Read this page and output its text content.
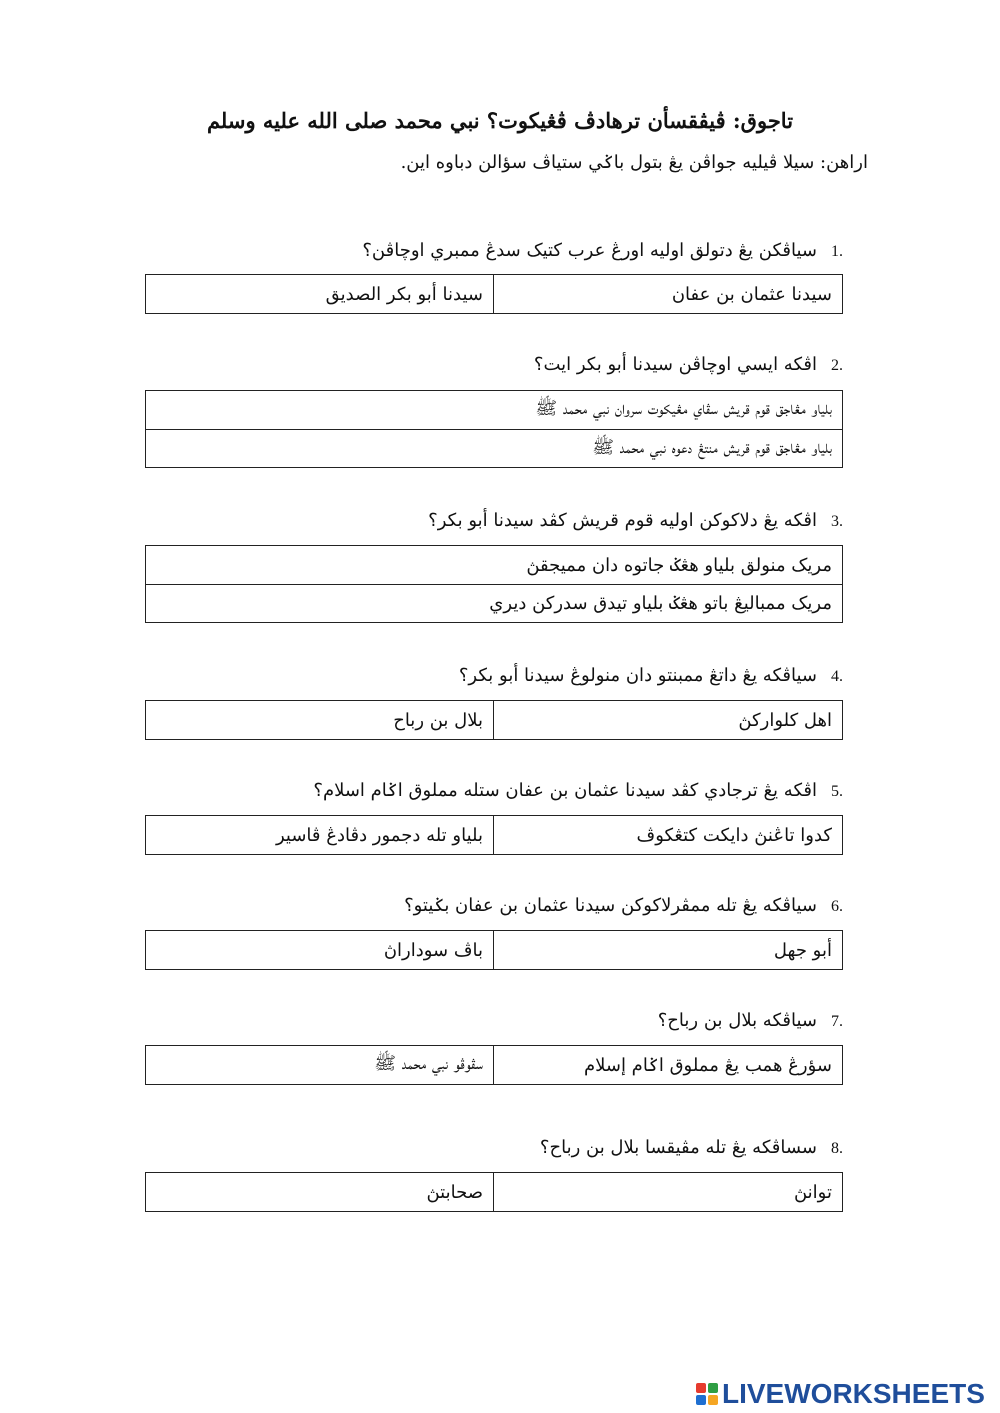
تاجوق: ڤيڤقسأن ترهادڤ ڤڠيكوت؟ نبي محمد صلى الله عليه وسلم
اراهن: سيلا ڤيليه جواڤن يڠ بتول باݢي ستياڤ سؤالن دباوه اين.
1.
سياڤكن يڠ دتولق اوليه اورڠ عرب كتيک سدڠ ممبري اوچاڤن؟
سيدنا عثمان بن عفان
سيدنا أبو بكر الصديق
2.
اڤكه ايسي اوچاڤن سيدنا أبو بكر ايت؟
بلياو مڠاجق قوم قريش سڤاي مڠيكوت سروان نبي محمد ﷺ
بلياو مڠاجق قوم قريش منتڠ دعوه نبي محمد ﷺ
3.
اڤكه يڠ دلاكوكن اوليه قوم قريش كڤد سيدنا أبو بكر؟
مريک منولق بلياو هڠݢ جاتوه دان مميجقڽ
مريک ممباليڠ باتو هڠݢ بلياو تيدق سدركن ديري
4.
سياڤكه يڠ داتڠ ممبنتو دان منولوڠ سيدنا أبو بكر؟
اهل كلواركڽ
بلال بن رباح
5.
اڤكه يڠ ترجادي كڤد سيدنا عثمان بن عفان ستله مملوق اݢام اسلام؟
كدوا تاڠنڽ دايكت كتڠكوڤ
بلياو تله دجمور دڤادڠ ڤاسير
6.
سياڤكه يڠ تله ممڤرلاكوكن سيدنا عثمان بن عفان بݢيتو؟
أبو جهل
باڤ سوداراڽ
7.
سياڤكه بلال بن رباح؟
سؤرڠ همب يڠ مملوق اݢام إسلام
سڤوڤو نبي محمد ﷺ
8.
سساڤكه يڠ تله مڤيقسا بلال بن رباح؟
توانڽ
صحابتڽ
LIVEWORKSHEETS
